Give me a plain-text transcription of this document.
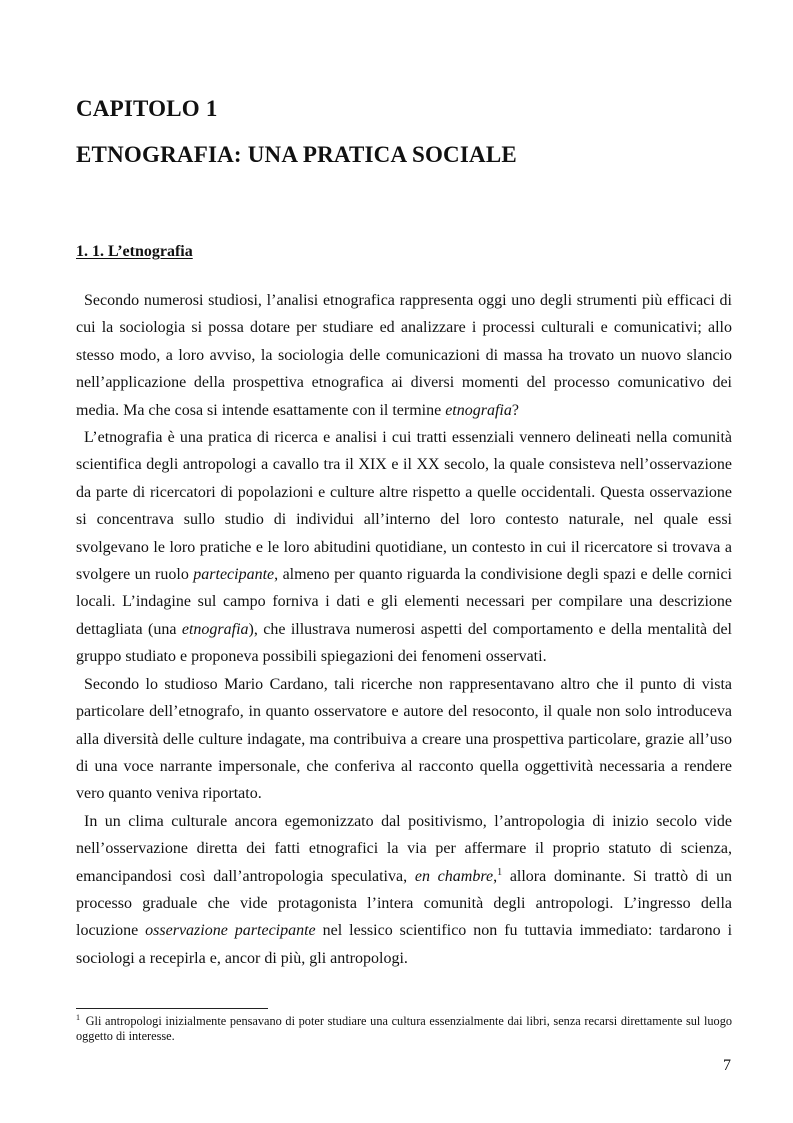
CAPITOLO 1
ETNOGRAFIA: UNA PRATICA SOCIALE
1. 1. L’etnografia

Secondo numerosi studiosi, l’analisi etnografica rappresenta oggi uno degli strumenti più efficaci di cui la sociologia si possa dotare per studiare ed analizzare i processi culturali e comunicativi; allo stesso modo, a loro avviso, la sociologia delle comunicazioni di massa ha trovato un nuovo slancio nell’applicazione della prospettiva etnografica ai diversi momenti del processo comunicativo dei media. Ma che cosa si intende esattamente con il termine etnografia?

L’etnografia è una pratica di ricerca e analisi i cui tratti essenziali vennero delineati nella comunità scientifica degli antropologi a cavallo tra il XIX e il XX secolo, la quale consisteva nell’osservazione da parte di ricercatori di popolazioni e culture altre rispetto a quelle occidentali. Questa osservazione si concentrava sullo studio di individui all’interno del loro contesto naturale, nel quale essi svolgevano le loro pratiche e le loro abitudini quotidiane, un contesto in cui il ricercatore si trovava a svolgere un ruolo partecipante, almeno per quanto riguarda la condivisione degli spazi e delle cornici locali. L’indagine sul campo forniva i dati e gli elementi necessari per compilare una descrizione dettagliata (una etnografia), che illustrava numerosi aspetti del comportamento e della mentalità del gruppo studiato e proponeva possibili spiegazioni dei fenomeni osservati.

Secondo lo studioso Mario Cardano, tali ricerche non rappresentavano altro che il punto di vista particolare dell’etnografo, in quanto osservatore e autore del resoconto, il quale non solo introduceva alla diversità delle culture indagate, ma contribuiva a creare una prospettiva particolare, grazie all’uso di una voce narrante impersonale, che conferiva al racconto quella oggettività necessaria a rendere vero quanto veniva riportato.

In un clima culturale ancora egemonizzato dal positivismo, l’antropologia di inizio secolo vide nell’osservazione diretta dei fatti etnografici la via per affermare il proprio statuto di scienza, emancipandosi così dall’antropologia speculativa, en chambre,$^1$ allora dominante. Si trattò di un processo graduale che vide protagonista l’intera comunità degli antropologi. L’ingresso della locuzione osservazione partecipante nel lessico scientifico non fu tuttavia immediato: tardarono i sociologi a recepirla e, ancor di più, gli antropologi.

$^1$ Gli antropologi inizialmente pensavano di poter studiare una cultura essenzialmente dai libri, senza recarsi direttamente sul luogo oggetto di interesse.

7
